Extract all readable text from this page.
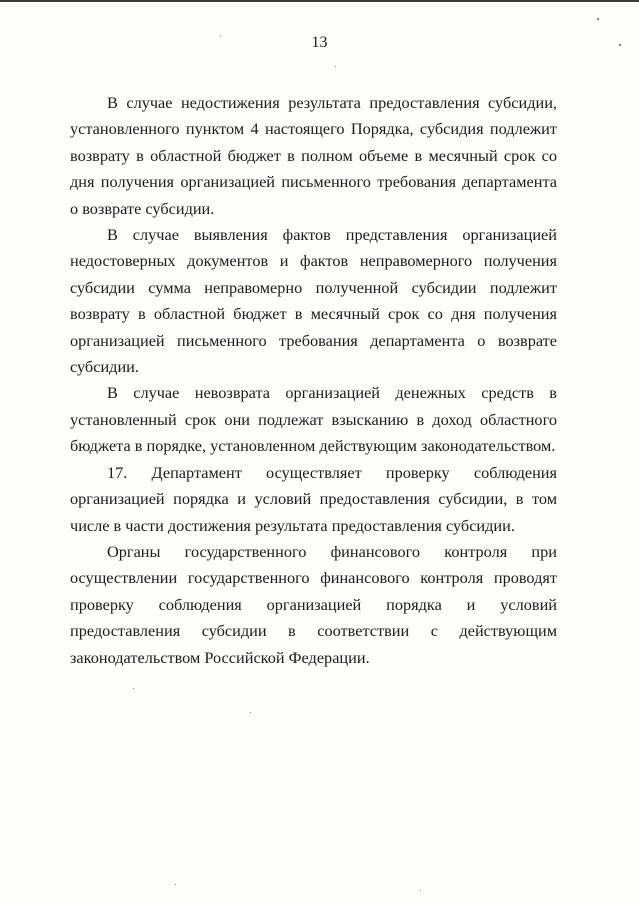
13

В случае недостижения результата предоставления субсидии, установленного пунктом 4 настоящего Порядка, субсидия подлежит возврату в областной бюджет в полном объеме в месячный срок со дня получения организацией письменного требования департамента о возврате субсидии.

В случае выявления фактов представления организацией недостоверных документов и фактов неправомерного получения субсидии сумма неправомерно полученной субсидии подлежит возврату в областной бюджет в месячный срок со дня получения организацией письменного требования департамента о возврате субсидии.

В случае невозврата организацией денежных средств в установленный срок они подлежат взысканию в доход областного бюджета в порядке, установленном действующим законодательством.

17. Департамент осуществляет проверку соблюдения организацией порядка и условий предоставления субсидии, в том числе в части достижения результата предоставления субсидии.

Органы государственного финансового контроля при осуществлении государственного финансового контроля проводят проверку соблюдения организацией порядка и условий предоставления субсидии в соответствии с действующим законодательством Российской Федерации.
